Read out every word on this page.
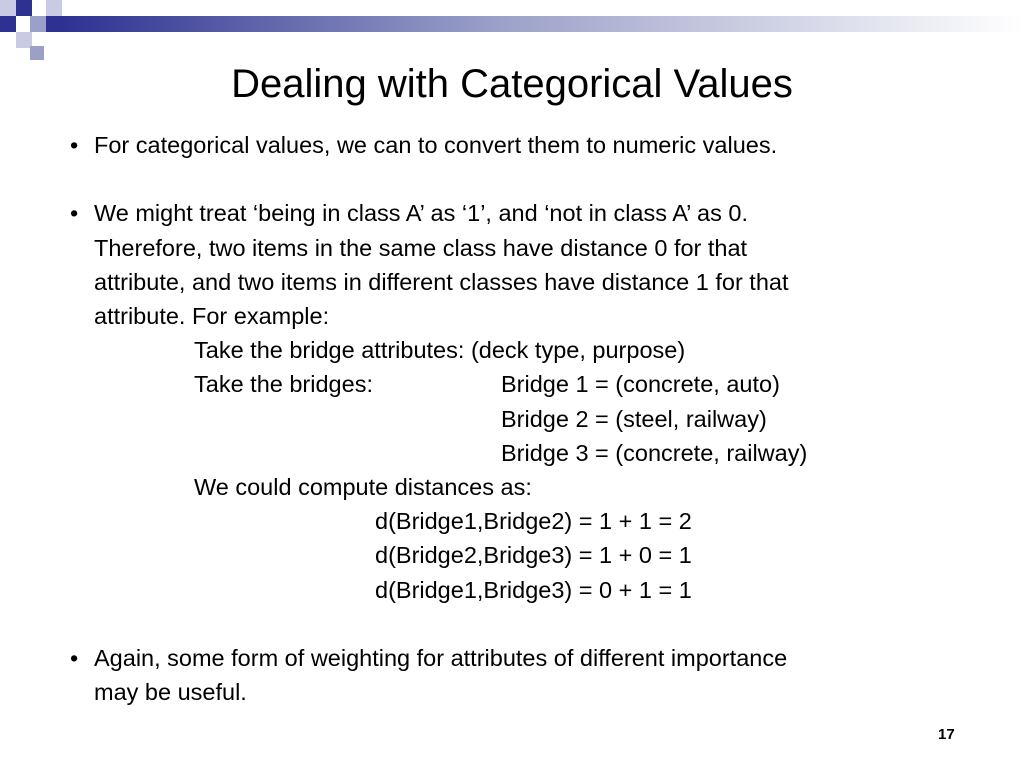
Dealing with Categorical Values
• For categorical values, we can to convert them to numeric values.
• We might treat ‘being in class A’ as ‘1’, and ‘not in class A’ as 0.
Therefore, two items in the same class have distance 0 for that
attribute, and two items in different classes have distance 1 for that
attribute. For example:
Take the bridge attributes: (deck type, purpose)
Take the bridges:	Bridge 1 = (concrete, auto)
Bridge 2 = (steel, railway)
Bridge 3 = (concrete, railway)
We could compute distances as:
d(Bridge1,Bridge2) = 1 + 1 = 2
d(Bridge2,Bridge3) = 1 + 0 = 1
d(Bridge1,Bridge3) = 0 + 1 = 1
• Again, some form of weighting for attributes of different importance
may be useful.
17
